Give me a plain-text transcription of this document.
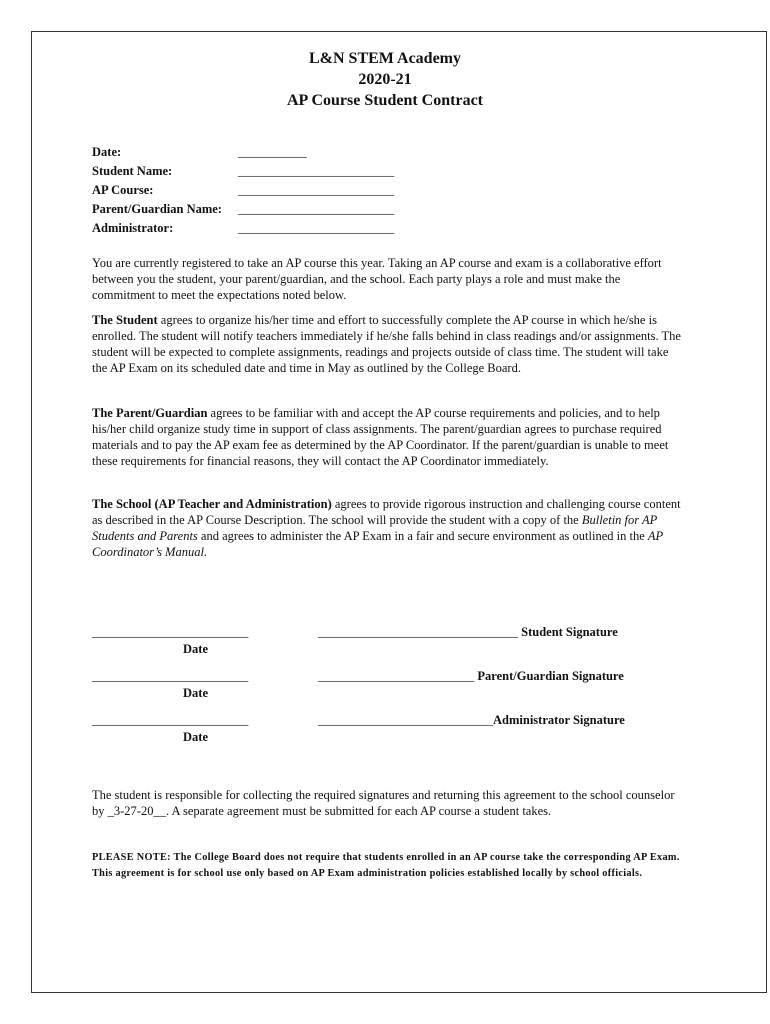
L&N STEM Academy
2020-21
AP Course Student Contract
Date:	___________
Student Name:	_________________________
AP Course:	_________________________
Parent/Guardian Name: _________________________
Administrator:	_________________________

You are currently registered to take an AP course this year. Taking an AP course and exam is a collaborative effort between you the student, your parent/guardian, and the school. Each party plays a role and must make the commitment to meet the expectations noted below.

The Student agrees to organize his/her time and effort to successfully complete the AP course in which he/she is enrolled. The student will notify teachers immediately if he/she falls behind in class readings and/or assignments. The student will be expected to complete assignments, readings and projects outside of class time. The student will take the AP Exam on its scheduled date and time in May as outlined by the College Board.

The Parent/Guardian agrees to be familiar with and accept the AP course requirements and policies, and to help his/her child organize study time in support of class assignments. The parent/guardian agrees to purchase required materials and to pay the AP exam fee as determined by the AP Coordinator. If the parent/guardian is unable to meet these requirements for financial reasons, they will contact the AP Coordinator immediately.

The School (AP Teacher and Administration) agrees to provide rigorous instruction and challenging course content as described in the AP Course Description. The school will provide the student with a copy of the Bulletin for AP Students and Parents and agrees to administer the AP Exam in a fair and secure environment as outlined in the AP Coordinator’s Manual.

_________________________	________________________________ Student Signature
Date
_________________________	_________________________ Parent/Guardian Signature
Date
_________________________	____________________________Administrator Signature
Date

The student is responsible for collecting the required signatures and returning this agreement to the school counselor by _3-27-20__. A separate agreement must be submitted for each AP course a student takes.

PLEASE NOTE: The College Board does not require that students enrolled in an AP course take the corresponding AP Exam. This agreement is for school use only based on AP Exam administration policies established locally by school officials.
